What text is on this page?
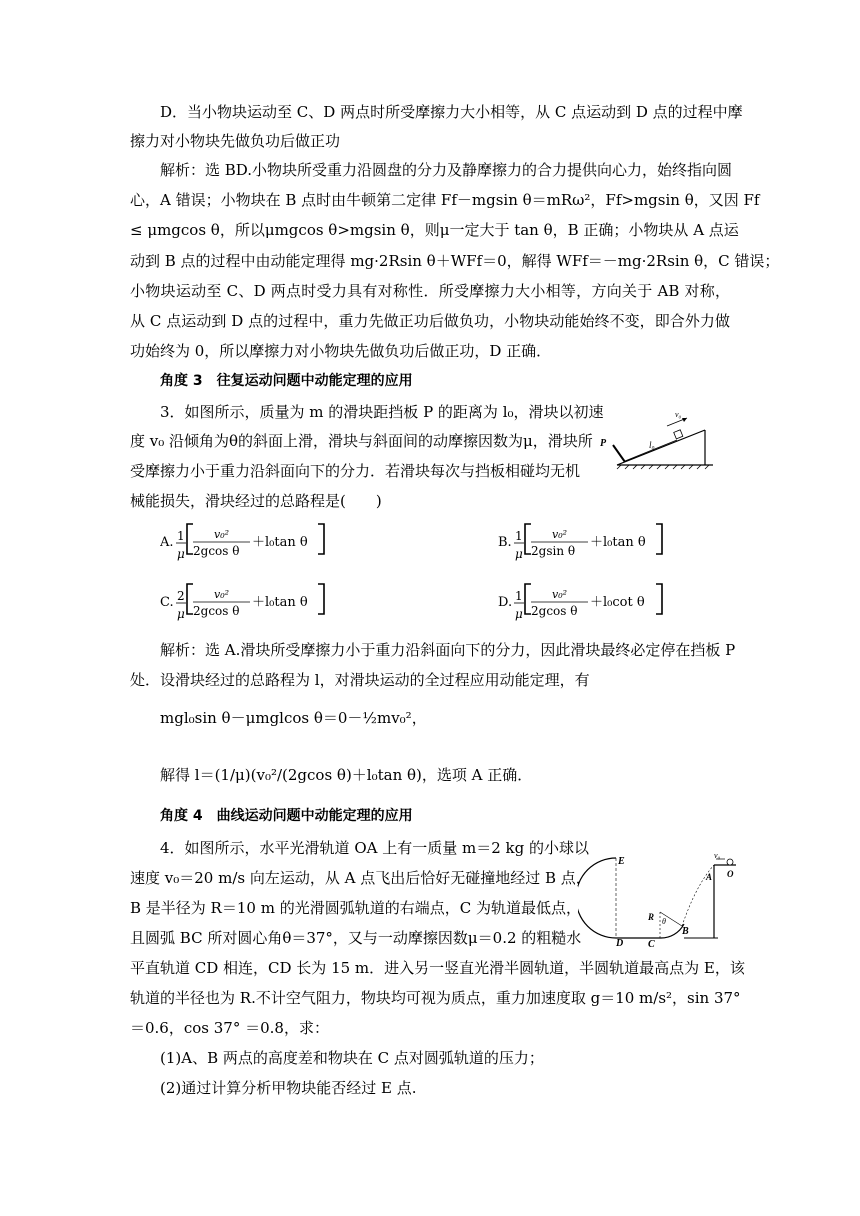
D．当小物块运动至 C、D 两点时所受摩擦力大小相等，从 C 点运动到 D 点的过程中摩
擦力对小物块先做负功后做正功
解析：选 BD.小物块所受重力沿圆盘的分力及静摩擦力的合力提供向心力，始终指向圆
心，A 错误；小物块在 B 点时由牛顿第二定律 Ff－mgsin θ＝mRω²，Ff>mgsin θ，又因 Ff
≤ μmgcos θ，所以μmgcos θ>mgsin θ，则μ一定大于 tan θ，B 正确；小物块从 A 点运
动到 B 点的过程中由动能定理得 mg·2Rsin θ＋WFf＝0，解得 WFf＝－mg·2Rsin θ，C 错误；
小物块运动至 C、D 两点时受力具有对称性．所受摩擦力大小相等，方向关于 AB 对称，
从 C 点运动到 D 点的过程中，重力先做正功后做负功，小物块动能始终不变，即合外力做
功始终为 0，所以摩擦力对小物块先做负功后做正功，D 正确．
角度 3　往复运动问题中动能定理的应用
3．如图所示，质量为 m 的滑块距挡板 P 的距离为 l₀，滑块以初速
度 v₀ 沿倾角为θ的斜面上滑，滑块与斜面间的动摩擦因数为μ，滑块所
受摩擦力小于重力沿斜面向下的分力．若滑块每次与挡板相碰均无机
械能损失，滑块经过的总路程是(　　)
P	l₀
v₀
A. 1
μ
v₀²
2gcos θ
＋l₀tan θ	B. 1
μ
v₀²
2gsin θ
＋l₀tan θ
C. 2
μ
v₀²
2gcos θ
＋l₀tan θ	D. 1
μ
v₀²
2gcos θ
＋l₀cot θ
解析：选 A.滑块所受摩擦力小于重力沿斜面向下的分力，因此滑块最终必定停在挡板 P
处．设滑块经过的总路程为 l，对滑块运动的全过程应用动能定理，有
mgl₀sin θ－μmglcos θ＝0－½mv₀²，
解得 l＝(1/μ)(v₀²/(2gcos θ)＋l₀tan θ)，选项 A 正确．
角度 4　曲线运动问题中动能定理的应用
4．如图所示，水平光滑轨道 OA 上有一质量 m＝2 kg 的小球以
速度 v₀＝20 m/s 向左运动，从 A 点飞出后恰好无碰撞地经过 B 点，
B 是半径为 R＝10 m 的光滑圆弧轨道的右端点，C 为轨道最低点，
且圆弧 BC 所对圆心角θ＝37°，又与一动摩擦因数μ＝0.2 的粗糙水
平直轨道 CD 相连，CD 长为 15 m．进入另一竖直光滑半圆轨道，半圆轨道最高点为 E，该
轨道的半径也为 R.不计空气阻力，物块均可视为质点，重力加速度取 g＝10 m/s²，sin 37°
＝0.6，cos 37° ＝0.8，求：
(1)A、B 两点的高度差和物块在 C 点对圆弧轨道的压力；
(2)通过计算分析甲物块能否经过 E 点.
E
D C
B
A O
R θ
v₀
